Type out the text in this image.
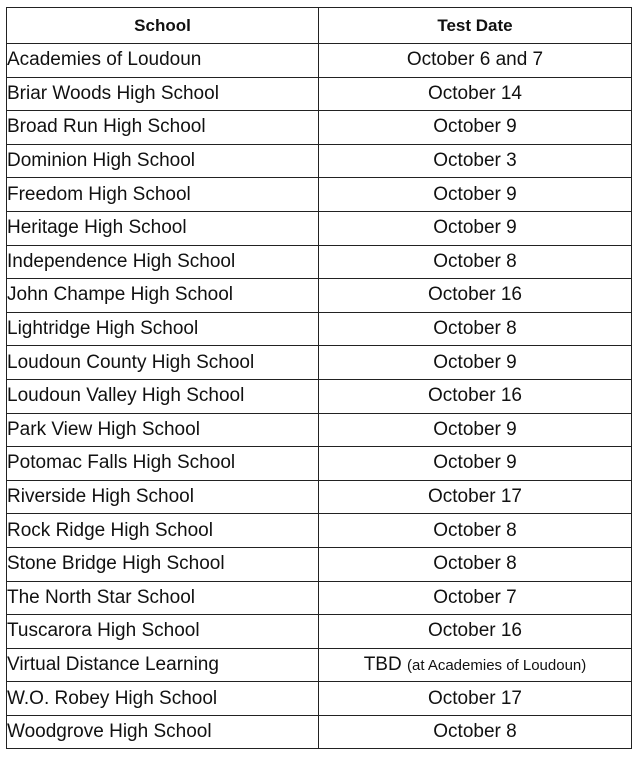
School	Test Date
Academies of Loudoun	October 6 and 7
Briar Woods High School	October 14
Broad Run High School	October 9
Dominion High School	October 3
Freedom High School	October 9
Heritage High School	October 9
Independence High School	October 8
John Champe High School	October 16
Lightridge High School	October 8
Loudoun County High School	October 9
Loudoun Valley High School	October 16
Park View High School	October 9
Potomac Falls High School	October 9
Riverside High School	October 17
Rock Ridge High School	October 8
Stone Bridge High School	October 8
The North Star School	October 7
Tuscarora High School	October 16
Virtual Distance Learning	TBD (at Academies of Loudoun)
W.O. Robey High School	October 17
Woodgrove High School	October 8
